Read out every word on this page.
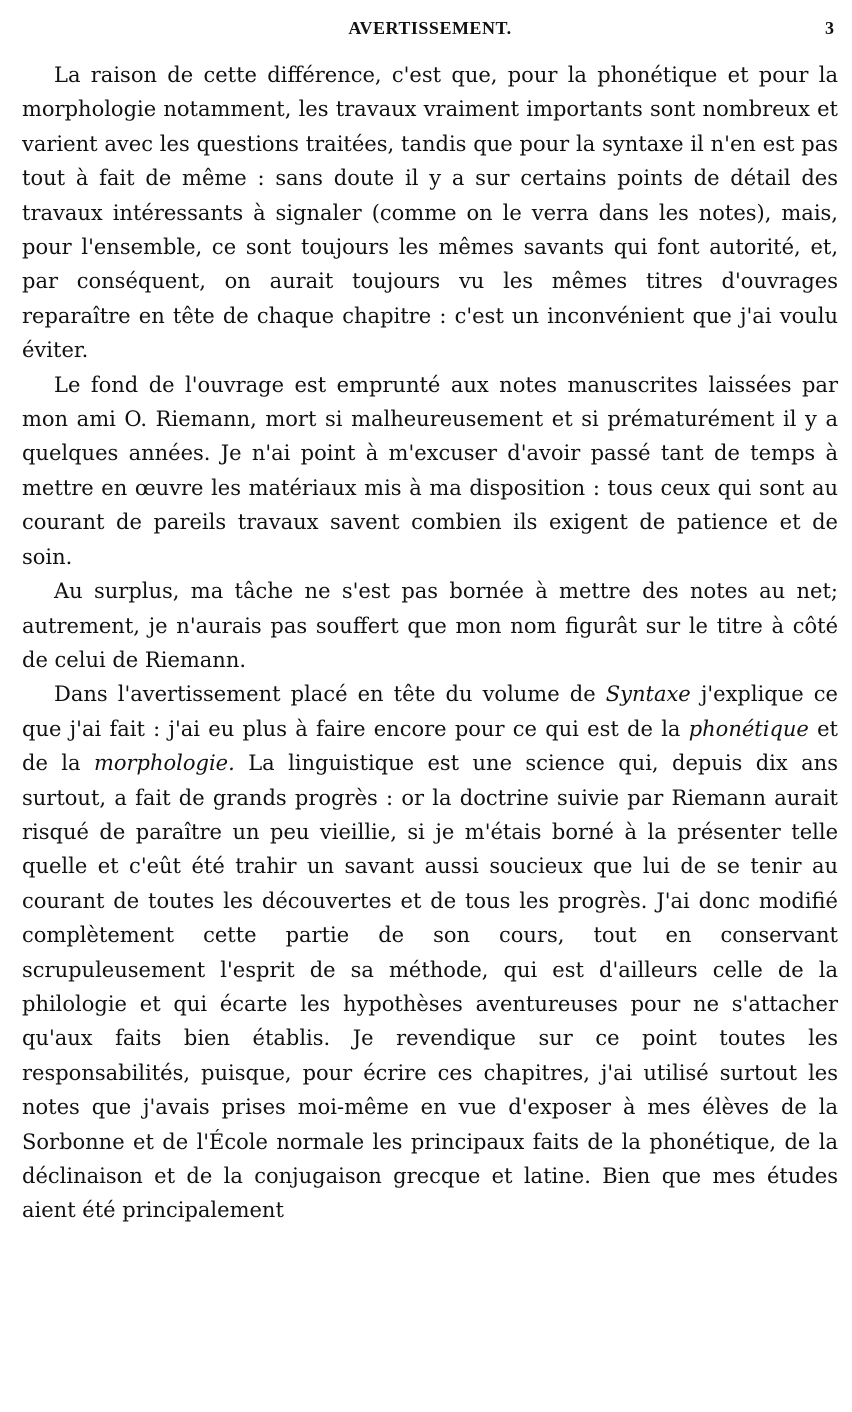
AVERTISSEMENT.	3

La raison de cette différence, c'est que, pour la phonétique et pour la morphologie notamment, les travaux vraiment importants sont nombreux et varient avec les questions traitées, tandis que pour la syntaxe il n'en est pas tout à fait de même : sans doute il y a sur certains points de détail des travaux intéressants à signaler (comme on le verra dans les notes), mais, pour l'ensemble, ce sont toujours les mêmes savants qui font autorité, et, par conséquent, on aurait toujours vu les mêmes titres d'ouvrages reparaître en tête de chaque chapitre : c'est un inconvénient que j'ai voulu éviter.

Le fond de l'ouvrage est emprunté aux notes manuscrites laissées par mon ami O. Riemann, mort si malheureusement et si prématurément il y a quelques années. Je n'ai point à m'excuser d'avoir passé tant de temps à mettre en œuvre les matériaux mis à ma disposition : tous ceux qui sont au courant de pareils travaux savent combien ils exigent de patience et de soin.

Au surplus, ma tâche ne s'est pas bornée à mettre des notes au net; autrement, je n'aurais pas souffert que mon nom figurât sur le titre à côté de celui de Riemann.

Dans l'avertissement placé en tête du volume de Syntaxe j'explique ce que j'ai fait : j'ai eu plus à faire encore pour ce qui est de la phonétique et de la morphologie. La linguistique est une science qui, depuis dix ans surtout, a fait de grands progrès : or la doctrine suivie par Riemann aurait risqué de paraître un peu vieillie, si je m'étais borné à la présenter telle quelle et c'eût été trahir un savant aussi soucieux que lui de se tenir au courant de toutes les découvertes et de tous les progrès. J'ai donc modifié complètement cette partie de son cours, tout en conservant scrupuleusement l'esprit de sa méthode, qui est d'ailleurs celle de la philologie et qui écarte les hypothèses aventureuses pour ne s'attacher qu'aux faits bien établis. Je revendique sur ce point toutes les responsabilités, puisque, pour écrire ces chapitres, j'ai utilisé surtout les notes que j'avais prises moi-même en vue d'exposer à mes élèves de la Sorbonne et de l'École normale les principaux faits de la phonétique, de la déclinaison et de la conjugaison grecque et latine. Bien que mes études aient été principalement
